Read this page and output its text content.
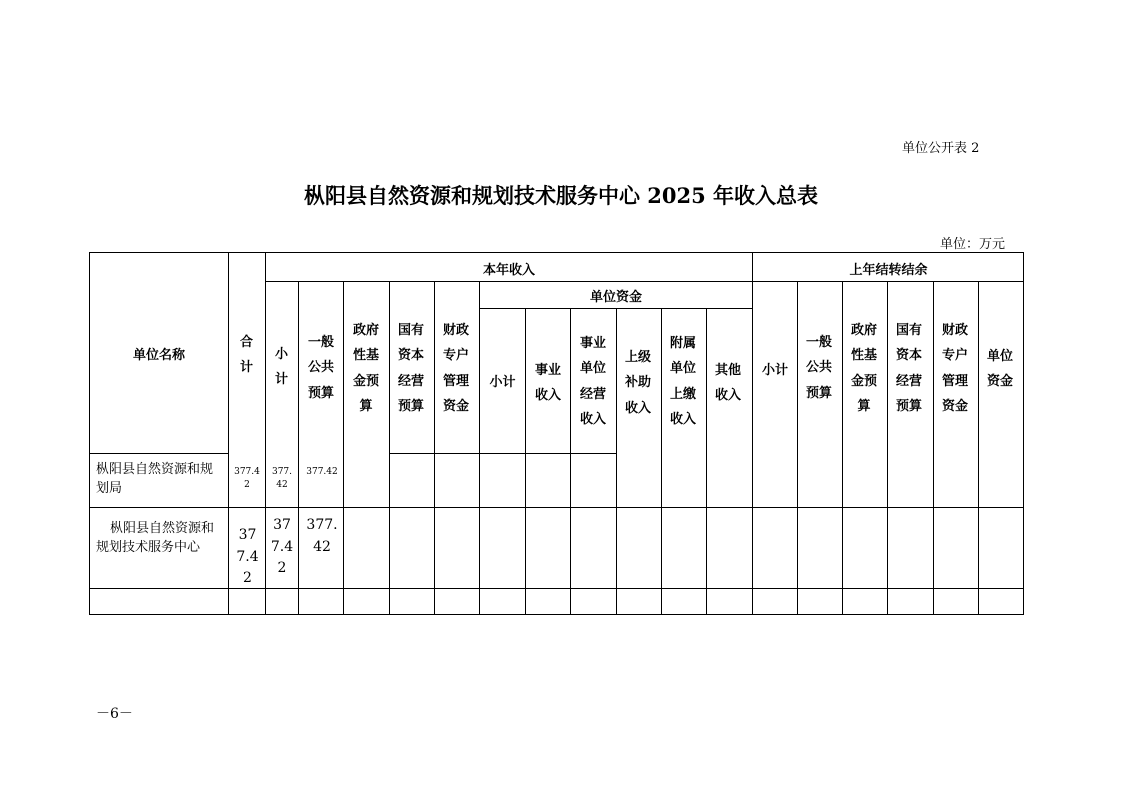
单位公开表 2
枞阳县自然资源和规划技术服务中心 2025 年收入总表
单位：万元
单位名称
合计
本年收入	上年结转结余
单位资金
小计
一般公共预算
政府性基金预算
国有资本经营预算
财政专户管理资金
小计
事业收入
事业单位经营收入
上级补助收入
附属单位上缴收入
其他收入
小计
一般公共预算
政府性基金预算
国有资本经营预算
财政专户管理资金
单位资金
枞阳县自然资源和规划局
377.42
377.42
377.42
枞阳县自然资源和规划技术服务中心
377.42
377.42
377.42
－6－
